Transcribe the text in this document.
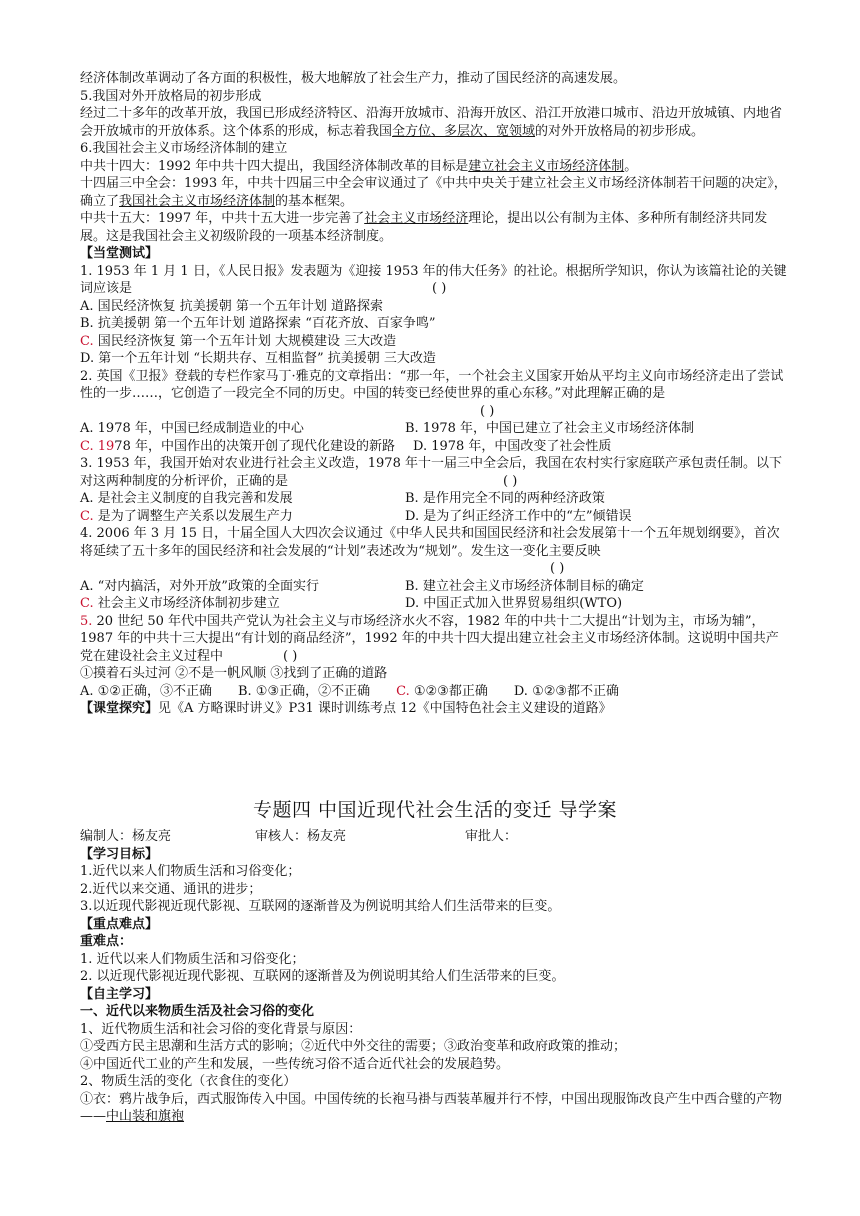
经济体制改革调动了各方面的积极性，极大地解放了社会生产力，推动了国民经济的高速发展。
5.我国对外开放格局的初步形成
经过二十多年的改革开放，我国已形成经济特区、沿海开放城市、沿海开放区、沿江开放港口城市、沿边开放城镇、内地省会开放城市的开放体系。这个体系的形成，标志着我国全方位、多层次、宽领域的对外开放格局的初步形成。
6.我国社会主义市场经济体制的建立
中共十四大：1992 年中共十四大提出，我国经济体制改革的目标是建立社会主义市场经济体制。
十四届三中全会：1993 年，中共十四届三中全会审议通过了《中共中央关于建立社会主义市场经济体制若干问题的决定》，确立了我国社会主义市场经济体制的基本框架。
中共十五大：1997 年，中共十五大进一步完善了社会主义市场经济理论，提出以公有制为主体、多种所有制经济共同发展。这是我国社会主义初级阶段的一项基本经济制度。
【当堂测试】
1. 1953 年 1 月 1 日，《人民日报》发表题为《迎接 1953 年的伟大任务》的社论。根据所学知识，你认为该篇社论的关键词应该是	( )
A. 国民经济恢复 抗美援朝 第一个五年计划 道路探索
B. 抗美援朝 第一个五年计划 道路探索 “百花齐放、百家争鸣”
C. 国民经济恢复 第一个五年计划 大规模建设 三大改造
D. 第一个五年计划 “长期共存、互相监督” 抗美援朝 三大改造
2. 英国《卫报》登载的专栏作家马丁·雅克的文章指出：“那一年，一个社会主义国家开始从平均主义向市场经济走出了尝试性的一步……，它创造了一段完全不同的历史。中国的转变已经使世界的重心东移。”对此理解正确的是( )
A. 1978 年，中国已经成制造业的中心	B. 1978 年，中国已建立了社会主义市场经济体制
C. 1978 年，中国作出的决策开创了现代化建设的新路 D. 1978 年，中国改变了社会性质
3. 1953 年，我国开始对农业进行社会主义改造，1978 年十一届三中全会后，我国在农村实行家庭联产承包责任制。以下对这两种制度的分析评价，正确的是	( )
A. 是社会主义制度的自我完善和发展	B. 是作用完全不同的两种经济政策
C. 是为了调整生产关系以发展生产力	D. 是为了纠正经济工作中的“左”倾错误
4. 2006 年 3 月 15 日，十届全国人大四次会议通过《中华人民共和国国民经济和社会发展第十一个五年规划纲要》，首次将延续了五十多年的国民经济和社会发展的“计划”表述改为“规划”。发生这一变化主要反映( )
A. “对内搞活，对外开放”政策的全面实行	B. 建立社会主义市场经济体制目标的确定
C. 社会主义市场经济体制初步建立	D. 中国正式加入世界贸易组织(WTO)
5. 20 世纪 50 年代中国共产党认为社会主义与市场经济水火不容，1982 年的中共十二大提出“计划为主，市场为辅”，1987 年的中共十三大提出“有计划的商品经济”，1992 年的中共十四大提出建立社会主义市场经济体制。这说明中国共产党在建设社会主义过程中	( )
①摸着石头过河 ②不是一帆风顺 ③找到了正确的道路
A. ①②正确，③不正确 B. ①③正确，②不正确 C. ①②③都正确 D. ①②③都不正确
【课堂探究】见《A 方略课时讲义》P31 课时训练考点 12《中国特色社会主义建设的道路》
专题四 中国近现代社会生活的变迁 导学案
编制人：杨友亮	审核人：杨友亮	审批人：
【学习目标】
1.近代以来人们物质生活和习俗变化；
2.近代以来交通、通讯的进步；
3.以近现代影视近现代影视、互联网的逐渐普及为例说明其给人们生活带来的巨变。
【重点难点】
重难点：
1. 近代以来人们物质生活和习俗变化；
2. 以近现代影视近现代影视、互联网的逐渐普及为例说明其给人们生活带来的巨变。
【自主学习】
一、近代以来物质生活及社会习俗的变化
1、近代物质生活和社会习俗的变化背景与原因：
①受西方民主思潮和生活方式的影响；②近代中外交往的需要；③政治变革和政府政策的推动；
④中国近代工业的产生和发展，一些传统习俗不适合近代社会的发展趋势。
2、物质生活的变化（衣食住的变化）
①衣：鸦片战争后，西式服饰传入中国。中国传统的长袍马褂与西装革履并行不悖，中国出现服饰改良产生中西合璧的产物——中山装和旗袍
